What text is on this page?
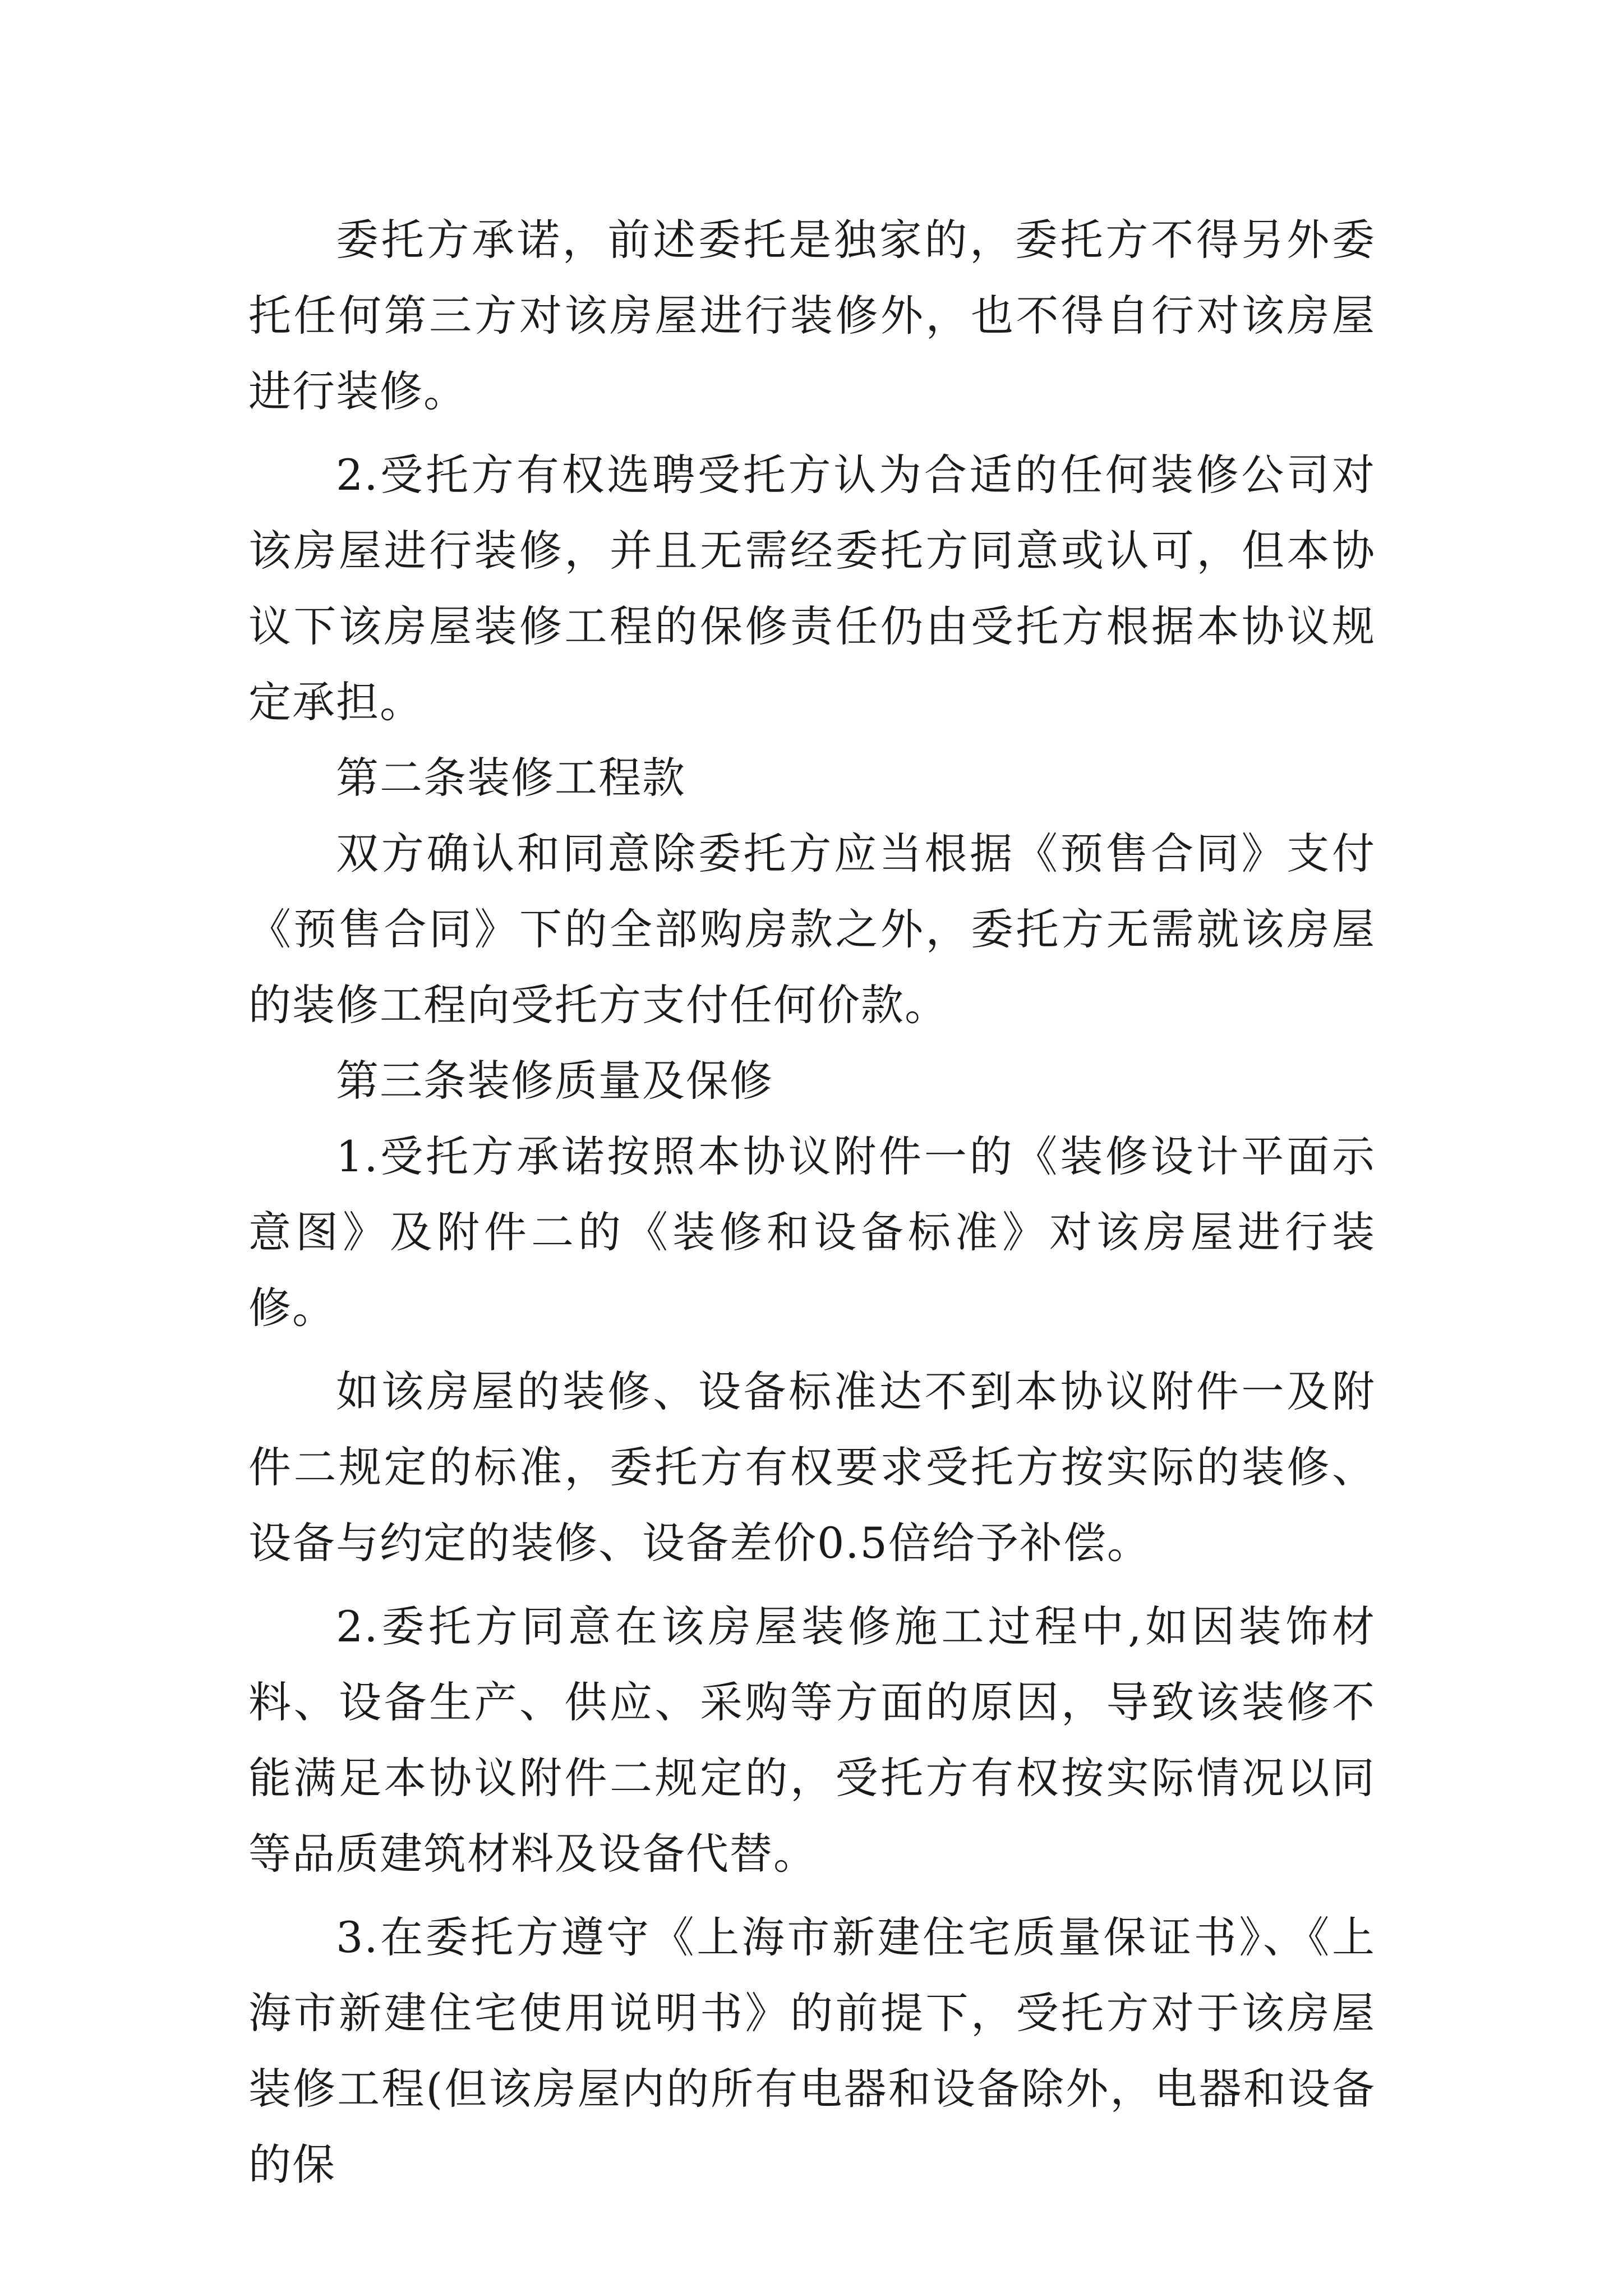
委托方承诺，前述委托是独家的，委托方不得另外委托任何第三方对该房屋进行装修外，也不得自行对该房屋进行装修。

2.受托方有权选聘受托方认为合适的任何装修公司对该房屋进行装修，并且无需经委托方同意或认可，但本协议下该房屋装修工程的保修责任仍由受托方根据本协议规定承担。

第二条装修工程款

双方确认和同意除委托方应当根据《预售合同》支付《预售合同》下的全部购房款之外，委托方无需就该房屋的装修工程向受托方支付任何价款。

第三条装修质量及保修

1.受托方承诺按照本协议附件一的《装修设计平面示意图》及附件二的《装修和设备标准》对该房屋进行装修。

如该房屋的装修、设备标准达不到本协议附件一及附件二规定的标准，委托方有权要求受托方按实际的装修、设备与约定的装修、设备差价0.5倍给予补偿。

2.委托方同意在该房屋装修施工过程中,如因装饰材料、设备生产、供应、采购等方面的原因，导致该装修不能满足本协议附件二规定的，受托方有权按实际情况以同等品质建筑材料及设备代替。

3.在委托方遵守《上海市新建住宅质量保证书》、《上海市新建住宅使用说明书》的前提下，受托方对于该房屋装修工程(但该房屋内的所有电器和设备除外，电器和设备的保
